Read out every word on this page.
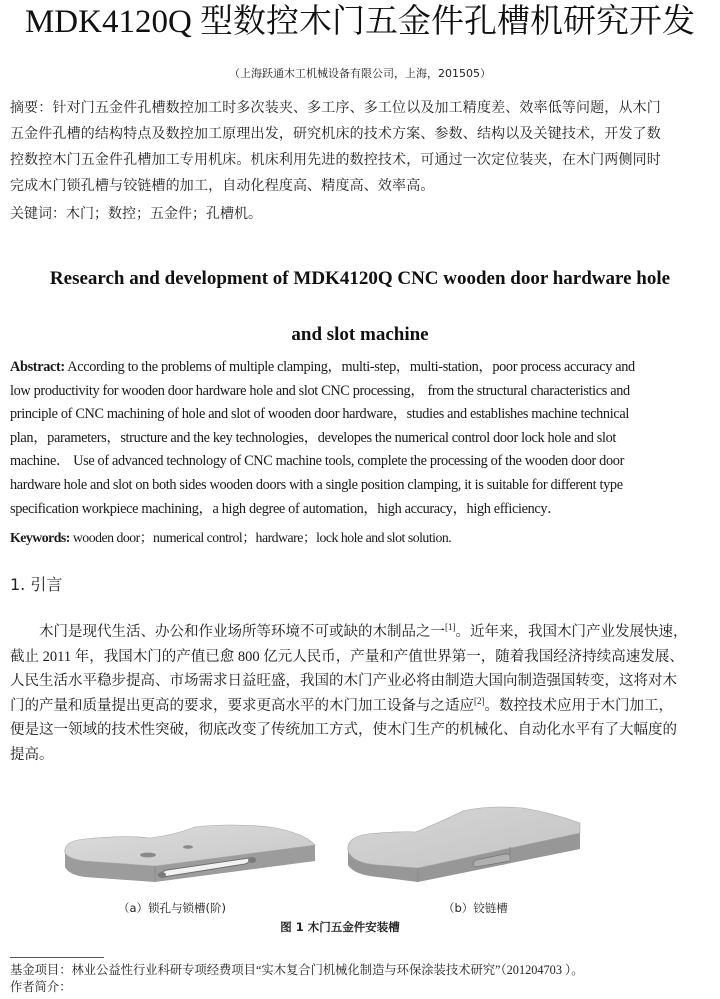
MDK4120Q 型数控木门五金件孔槽机研究开发
（上海跃通木工机械设备有限公司，上海，201505）

摘要：针对门五金件孔槽数控加工时多次装夹、多工序、多工位以及加工精度差、效率低等问题，从木门

五金件孔槽的结构特点及数控加工原理出发，研究机床的技术方案、参数、结构以及关键技术，开发了数

控数控木门五金件孔槽加工专用机床。机床利用先进的数控技术，可通过一次定位装夹，在木门两侧同时

完成木门锁孔槽与铰链槽的加工，自动化程度高、精度高、效率高。

关键词：木门；数控；五金件；孔槽机。
Research and development of MDK4120Q CNC wooden door hardware hole
and slot machine
Abstract: According to the problems of multiple clamping，multi-step，multi-station，poor process accuracy and
low productivity for wooden door hardware hole and slot CNC processing， from the structural characteristics and
principle of CNC machining of hole and slot of wooden door hardware，studies and establishes machine technical
plan，parameters，structure and the key technologies，developes the numerical control door lock hole and slot
machine． Use of advanced technology of CNC machine tools, complete the processing of the wooden door door
hardware hole and slot on both sides wooden doors with a single position clamping, it is suitable for different type
specification workpiece machining，a high degree of automation，high accuracy，high efficiency．
Keywords: wooden door；numerical control；hardware；lock hole and slot solution.
1. 引言
　　木门是现代生活、办公和作业场所等环境不可或缺的木制品之一[1]。近年来，我国木门产业发展快速，
截止 2011 年，我国木门的产值已愈 800 亿元人民币，产量和产值世界第一，随着我国经济持续高速发展、
人民生活水平稳步提高、市场需求日益旺盛，我国的木门产业必将由制造大国向制造强国转变，这将对木
门的产量和质量提出更高的要求，要求更高水平的木门加工设备与之适应[2]。数控技术应用于木门加工，
便是这一领域的技术性突破，彻底改变了传统加工方式，使木门生产的机械化、自动化水平有了大幅度的
提高。
（a）锁孔与锁槽(阶)	（b）铰链槽
图 1 木门五金件安装槽

基金项目：林业公益性行业科研专项经费项目“实木复合门机械化制造与环保涂装技术研究”（201204703 ）。

作者简介：
